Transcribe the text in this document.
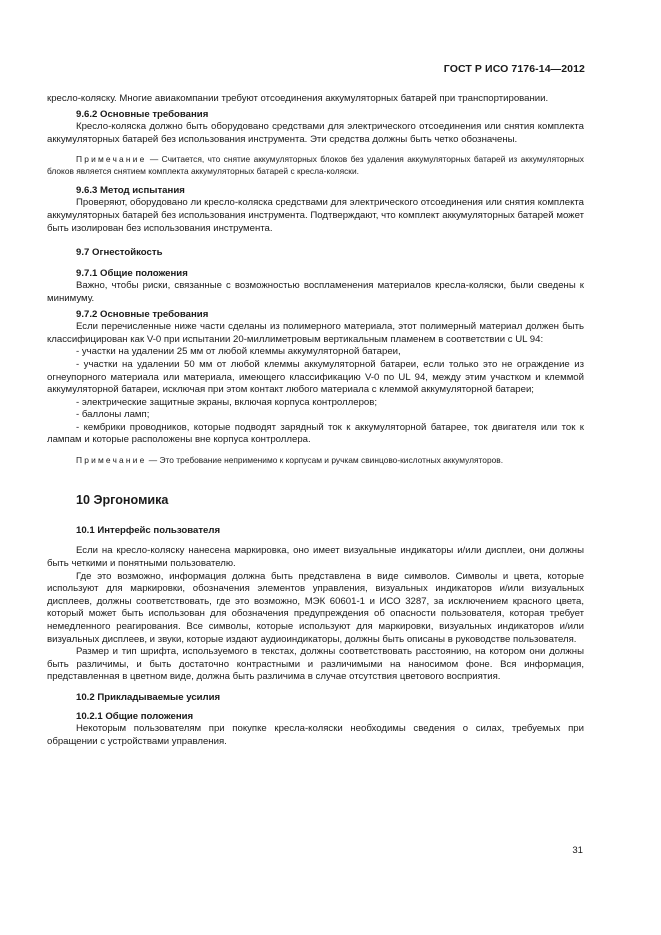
ГОСТ Р ИСО 7176-14—2012

кресло-коляску. Многие авиакомпании требуют отсоединения аккумуляторных батарей при транспортировании.

9.6.2 Основные требования

Кресло-коляска должно быть оборудовано средствами для электрического отсоединения или снятия комплекта аккумуляторных батарей без использования инструмента. Эти средства должны быть четко обозначены.

Примечание — Считается, что снятие аккумуляторных блоков без удаления аккумуляторных батарей из аккумуляторных блоков является снятием комплекта аккумуляторных батарей с кресла-коляски.

9.6.3 Метод испытания

Проверяют, оборудовано ли кресло-коляска средствами для электрического отсоединения или снятия комплекта аккумуляторных батарей без использования инструмента. Подтверждают, что комплект аккумуляторных батарей может быть изолирован без использования инструмента.

9.7 Огнестойкость

9.7.1 Общие положения

Важно, чтобы риски, связанные с возможностью воспламенения материалов кресла-коляски, были сведены к минимуму.

9.7.2 Основные требования

Если перечисленные ниже части сделаны из полимерного материала, этот полимерный материал должен быть классифицирован как V-0 при испытании 20-миллиметровым вертикальным пламенем в соответствии с UL 94:

- участки на удалении 25 мм от любой клеммы аккумуляторной батареи,

- участки на удалении 50 мм от любой клеммы аккумуляторной батареи, если только это не ограждение из огнеупорного материала или материала, имеющего классификацию V-0 по UL 94, между этим участком и клеммой аккумуляторной батареи, исключая при этом контакт любого материала с клеммой аккумуляторной батареи;

- электрические защитные экраны, включая корпуса контроллеров;

- баллоны ламп;

- кембрики проводников, которые подводят зарядный ток к аккумуляторной батарее, ток двигателя или ток к лампам и которые расположены вне корпуса контроллера.

Примечание — Это требование неприменимо к корпусам и ручкам свинцово-кислотных аккумуляторов.

10 Эргономика

10.1 Интерфейс пользователя

Если на кресло-коляску нанесена маркировка, оно имеет визуальные индикаторы и/или дисплеи, они должны быть четкими и понятными пользователю.

Где это возможно, информация должна быть представлена в виде символов. Символы и цвета, которые используют для маркировки, обозначения элементов управления, визуальных индикаторов и/или визуальных дисплеев, должны соответствовать, где это возможно, МЭК 60601-1 и ИСО 3287, за исключением красного цвета, который может быть использован для обозначения предупреждения об опасности пользователя, которая требует немедленного реагирования. Все символы, которые используют для маркировки, визуальных индикаторов и/или визуальных дисплеев, и звуки, которые издают аудиоиндикаторы, должны быть описаны в руководстве пользователя.

Размер и тип шрифта, используемого в текстах, должны соответствовать расстоянию, на котором они должны быть различимы, и быть достаточно контрастными и различимыми на наносимом фоне. Вся информация, представленная в цветном виде, должна быть различима в случае отсутствия цветового восприятия.

10.2 Прикладываемые усилия

10.2.1 Общие положения

Некоторым пользователям при покупке кресла-коляски необходимы сведения о силах, требуемых при обращении с устройствами управления.

31
